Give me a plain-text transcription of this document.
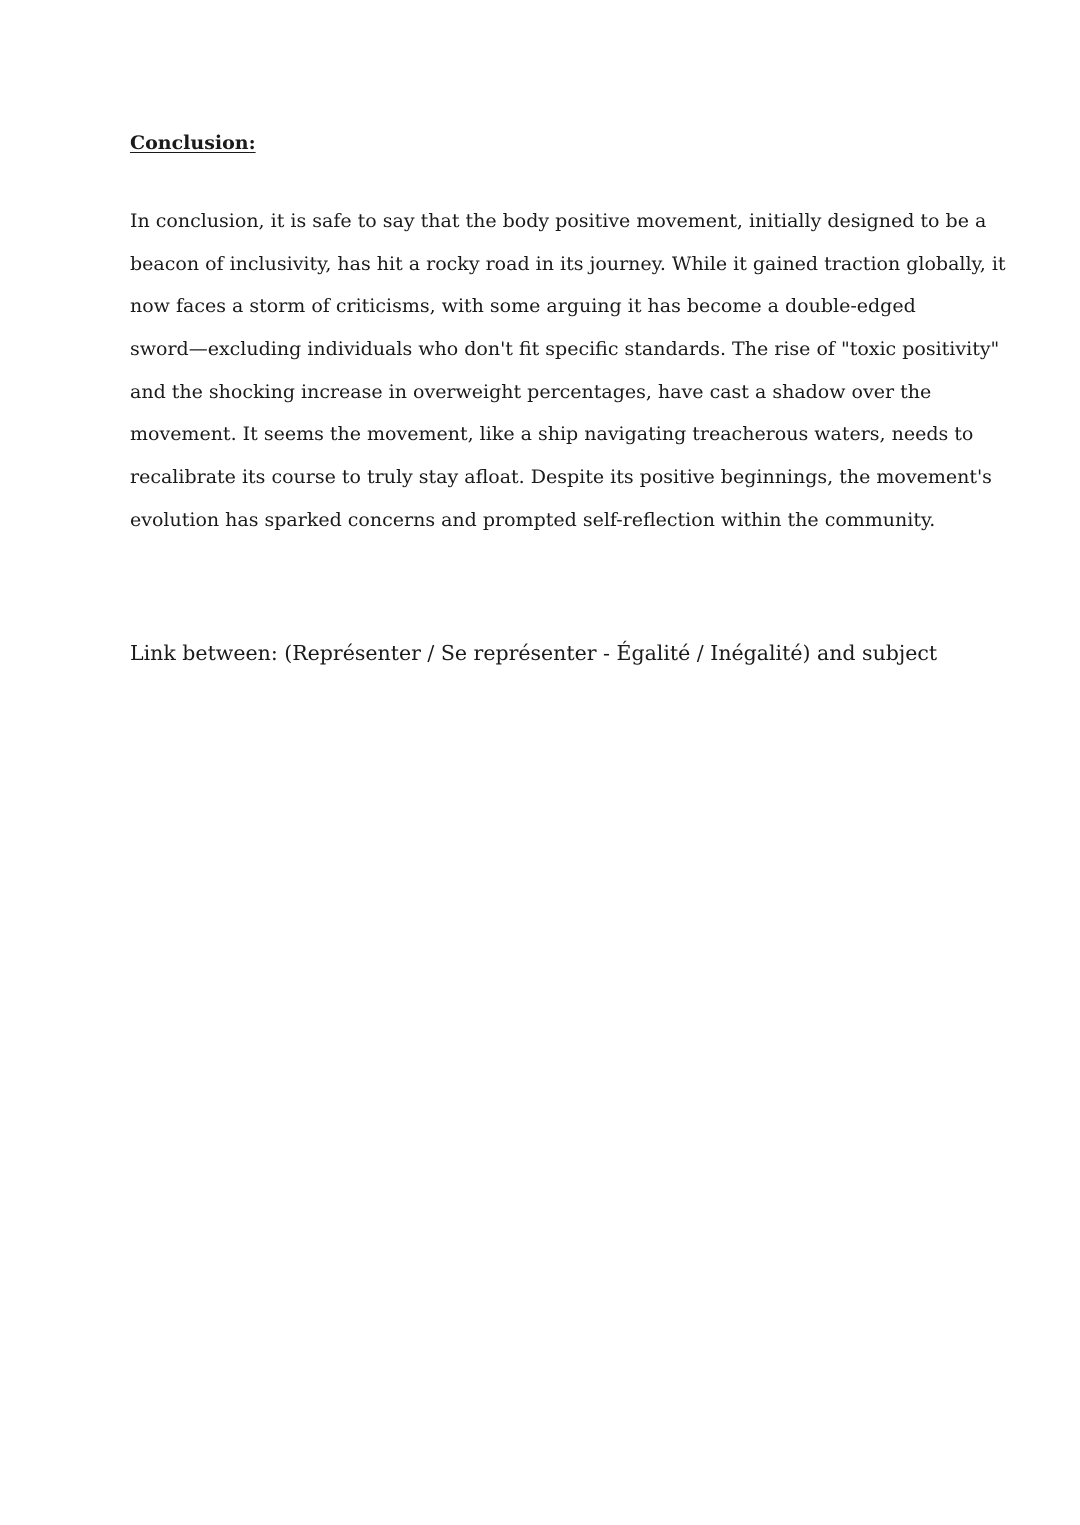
Conclusion:

In conclusion, it is safe to say that the body positive movement, initially designed to be a
beacon of inclusivity, has hit a rocky road in its journey. While it gained traction globally, it
now faces a storm of criticisms, with some arguing it has become a double-edged
sword—excluding individuals who don't fit specific standards. The rise of "toxic positivity"
and the shocking increase in overweight percentages, have cast a shadow over the
movement. It seems the movement, like a ship navigating treacherous waters, needs to
recalibrate its course to truly stay afloat. Despite its positive beginnings, the movement's
evolution has sparked concerns and prompted self-reflection within the community.

Link between: (Représenter / Se représenter - Égalité / Inégalité) and subject
